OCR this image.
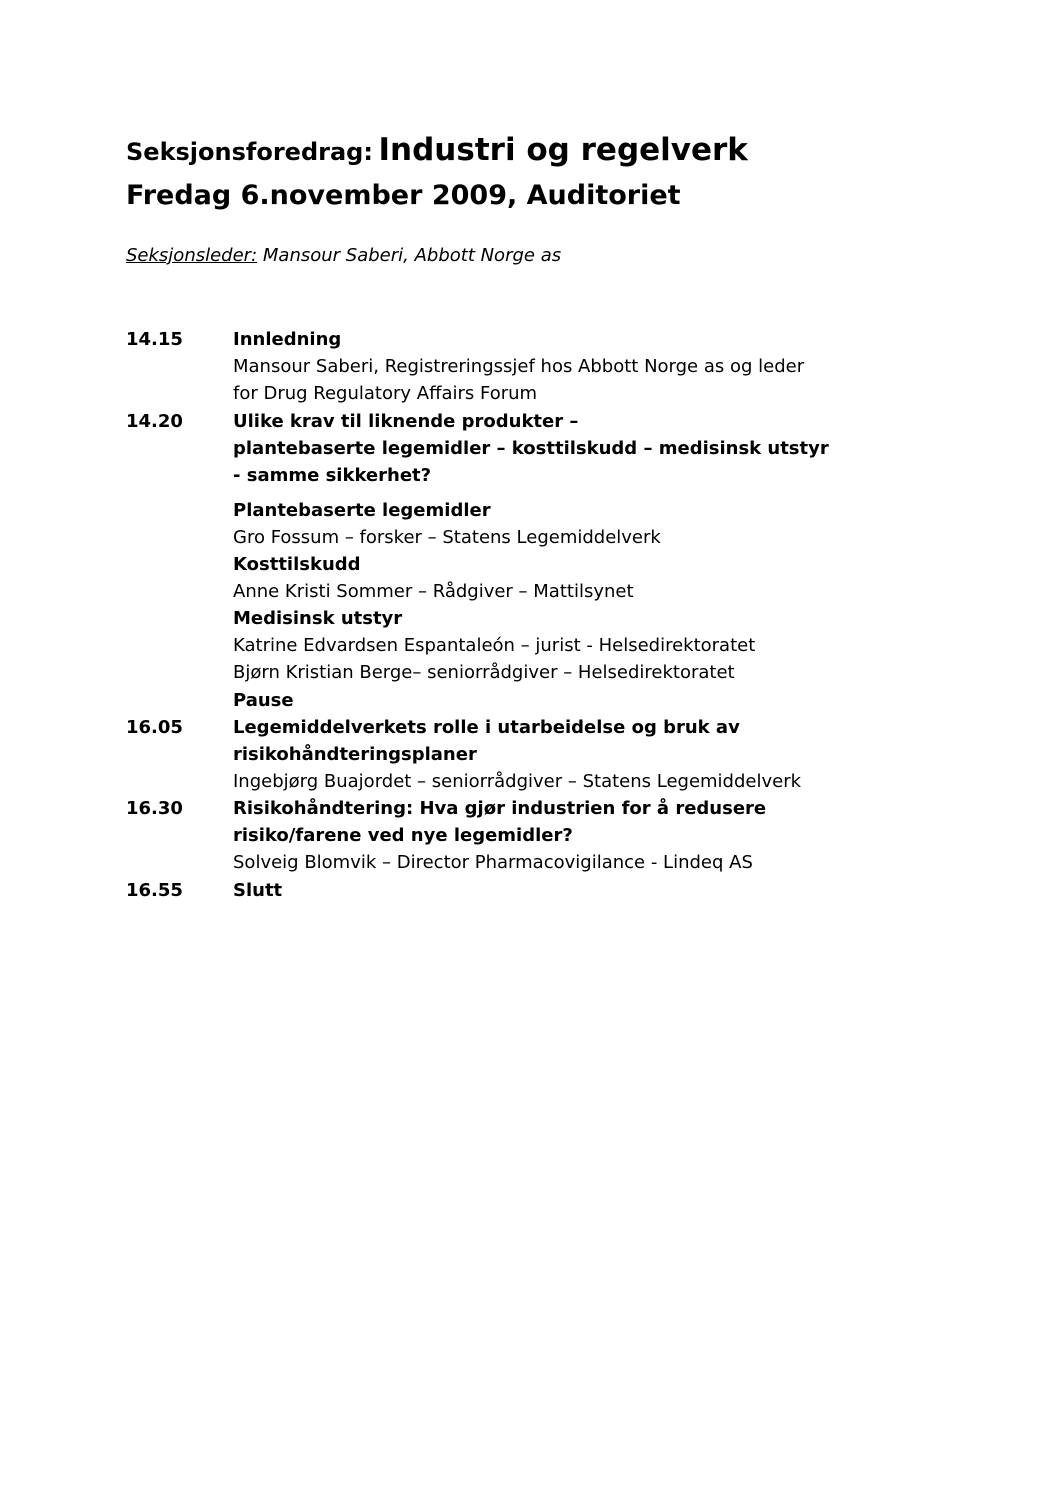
Seksjonsforedrag: Industri og regelverk
Fredag 6.november 2009, Auditoriet
Seksjonsleder: Mansour Saberi, Abbott Norge as
14.15	Innledning
Mansour Saberi, Registreringssjef hos Abbott Norge as og leder
for Drug Regulatory Affairs Forum
14.20	Ulike krav til liknende produkter –
plantebaserte legemidler – kosttilskudd – medisinsk utstyr
- samme sikkerhet?
Plantebaserte legemidler
Gro Fossum – forsker – Statens Legemiddelverk
Kosttilskudd
Anne Kristi Sommer – Rådgiver – Mattilsynet
Medisinsk utstyr
Katrine Edvardsen Espantaleón – jurist - Helsedirektoratet
Bjørn Kristian Berge– seniorrådgiver – Helsedirektoratet
Pause
16.05	Legemiddelverkets rolle i utarbeidelse og bruk av
risikohåndteringsplaner
Ingebjørg Buajordet – seniorrådgiver – Statens Legemiddelverk
16.30	Risikohåndtering: Hva gjør industrien for å redusere
risiko/farene ved nye legemidler?
Solveig Blomvik – Director Pharmacovigilance - Lindeq AS
16.55	Slutt
